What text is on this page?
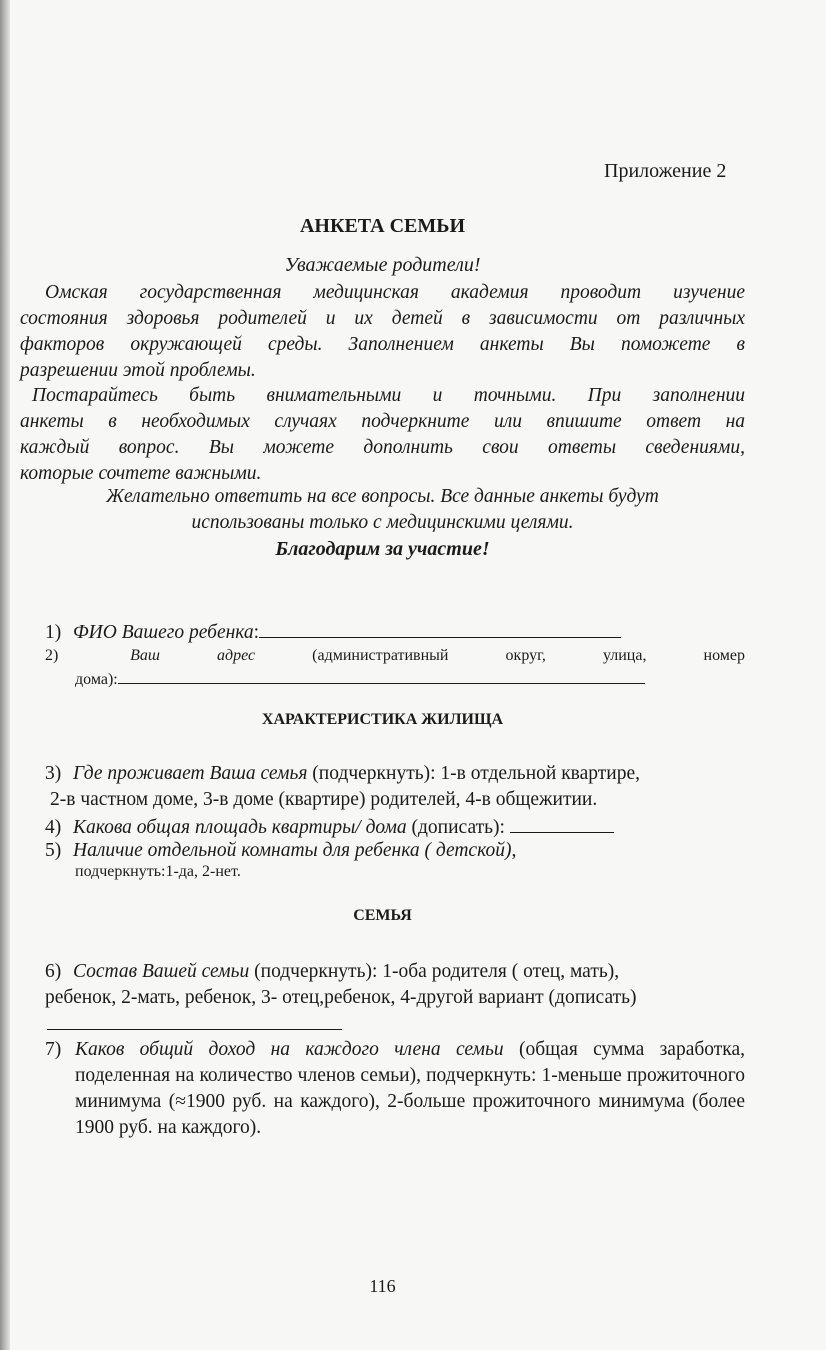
Приложение 2
АНКЕТА СЕМЬИ
Уважаемые родители!

Омская государственная медицинская академия проводит изучение

состояния здоровья родителей и их детей в зависимости от различных

факторов окружающей среды. Заполнением анкеты Вы поможете в

разрешении этой проблемы.

Постарайтесь быть внимательными и точными. При заполнении

анкеты в необходимых случаях подчеркните или впишите ответ на

каждый вопрос. Вы можете дополнить свои ответы сведениями,

которые сочтете важными.

Желательно ответить на все вопросы. Все данные анкеты будут
использованы только с медицинскими целями.
Благодарим за участие!
1) ФИО Вашего ребенка:
2)	Ваш	адрес	(административный	округ,	улица,	номер
дома):
ХАРАКТЕРИСТИКА ЖИЛИЩА
3) Где проживает Ваша семья (подчеркнуть): 1-в отдельной квартире,
2-в частном доме, 3-в доме (квартире) родителей, 4-в общежитии.
4) Какова общая площадь квартиры/ дома (дописать):
5) Наличие отдельной комнаты для ребенка ( детской),
подчеркнуть:1-да, 2-нет.
СЕМЬЯ
6) Состав Вашей семьи (подчеркнуть): 1-оба родителя ( отец, мать),
ребенок, 2-мать, ребенок, 3- отец,ребенок, 4-другой вариант (дописать)
7) Каков общий доход на каждого члена семьи (общая сумма заработка, поделенная на количество членов семьи), подчеркнуть: 1-меньше прожиточного минимума (≈1900 руб. на каждого), 2-больше прожиточного минимума (более 1900 руб. на каждого).

116
